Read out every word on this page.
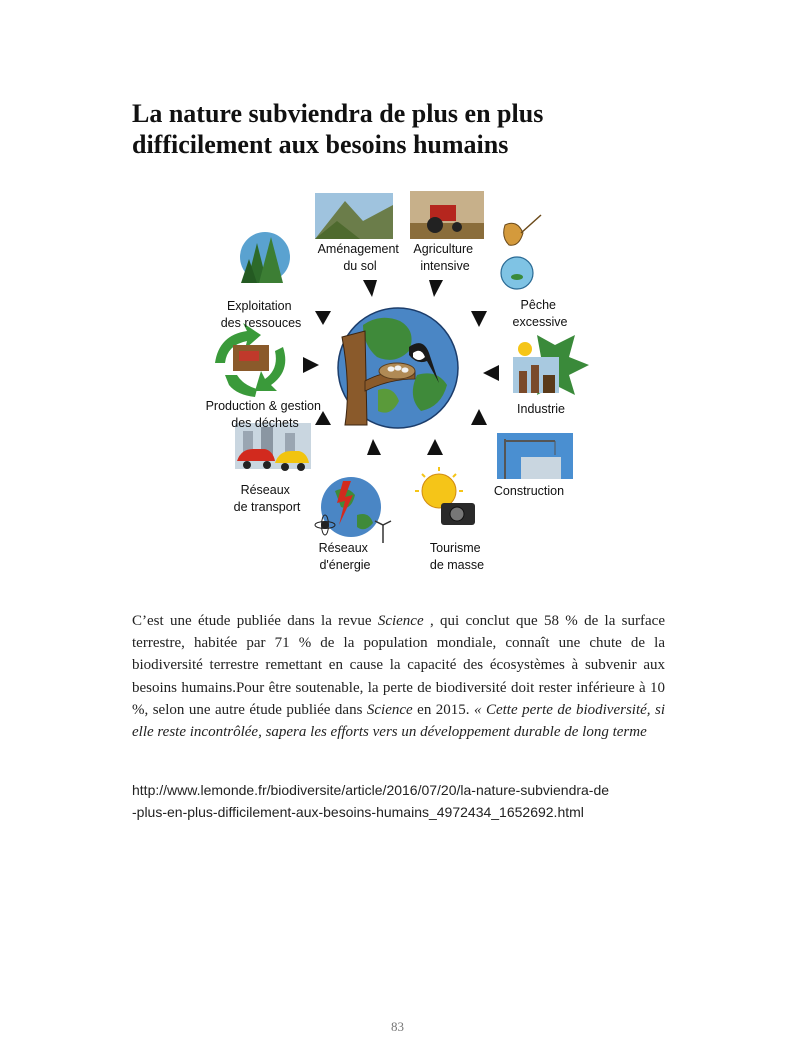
La nature subviendra de plus en plus
difficilement aux besoins humains
Aménagement du sol
Agriculture intensive
Pêche excessive
Industrie
Construction
Tourisme de masse
Réseaux d'énergie
Réseaux de transport
Production & gestion des déchets
Exploitation des ressouces

C’est une étude publiée dans la revue Science , qui conclut que 58 % de la surface terrestre, habitée par 71 % de la population mondiale, connaît une chute de la biodiversité terrestre remettant en cause la capacité des écosystèmes à subvenir aux besoins humains.Pour être soutenable, la perte de biodiversité doit rester inférieure à 10 %, selon une autre étude publiée dans Science en 2015. « Cette perte de biodiversité, si elle reste incontrôlée, sapera les efforts vers un développement durable de long terme

http://www.lemonde.fr/biodiversite/article/2016/07/20/la-nature-subviendra-de
-plus-en-plus-difficilement-aux-besoins-humains_4972434_1652692.html

83
